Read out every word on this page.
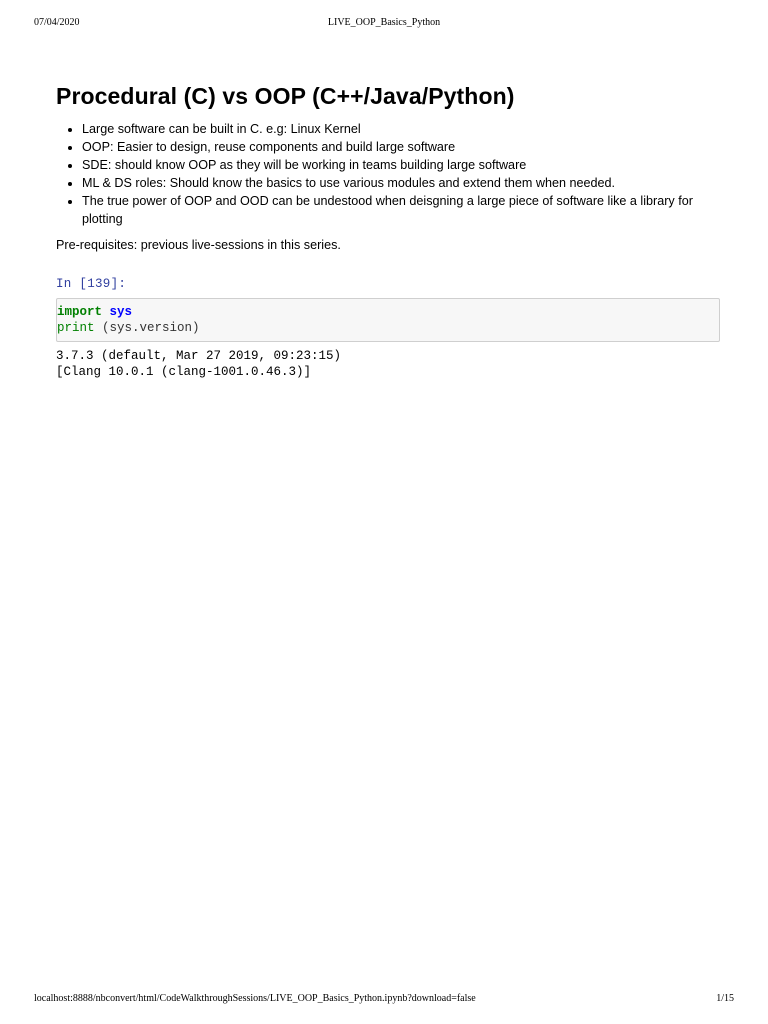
07/04/2020	LIVE_OOP_Basics_Python
Procedural (C) vs OOP (C++/Java/Python)
• Large software can be built in C. e.g: Linux Kernel
• OOP: Easier to design, reuse components and build large software
• SDE: should know OOP as they will be working in teams building large software
• ML & DS roles: Should know the basics to use various modules and extend them when needed.
• The true power of OOP and OOD can be undestood when deisgning a large piece of software like a library for plotting

Pre-requisites: previous live-sessions in this series.

In [139]:
import sys
print (sys.version)
3.7.3 (default, Mar 27 2019, 09:23:15)
[Clang 10.0.1 (clang-1001.0.46.3)]
localhost:8888/nbconvert/html/CodeWalkthroughSessions/LIVE_OOP_Basics_Python.ipynb?download=false	1/15
